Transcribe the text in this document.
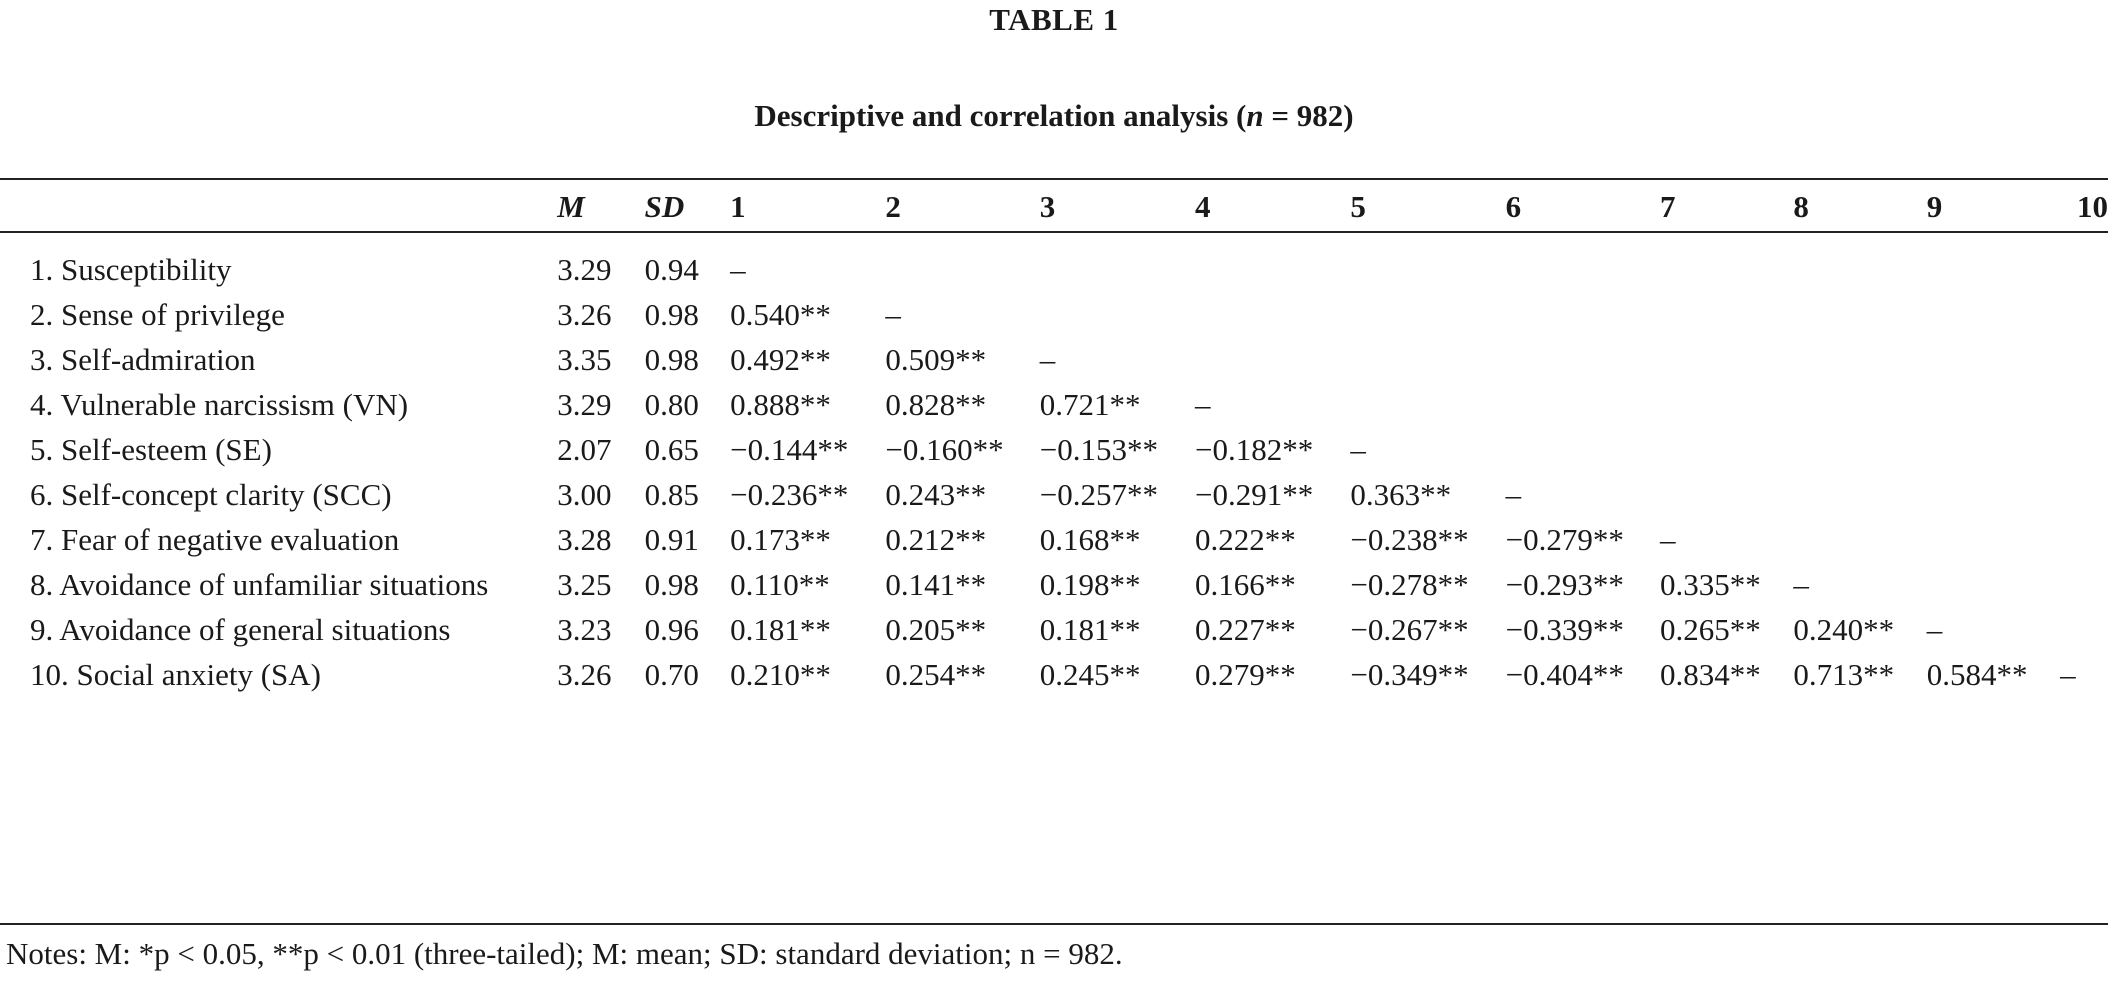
TABLE 1
Descriptive and correlation analysis (n = 982)
	M	SD	1	2	3	4	5	6	7	8	9	10
1. Susceptibility	3.29	0.94	–									
2. Sense of privilege	3.26	0.98	0.540**	–								
3. Self-admiration	3.35	0.98	0.492**	0.509**	–							
4. Vulnerable narcissism (VN)	3.29	0.80	0.888**	0.828**	0.721**	–						
5. Self-esteem (SE)	2.07	0.65	−0.144**	−0.160**	−0.153**	−0.182**	–					
6. Self-concept clarity (SCC)	3.00	0.85	−0.236**	0.243**	−0.257**	−0.291**	0.363**	–				
7. Fear of negative evaluation	3.28	0.91	0.173**	0.212**	0.168**	0.222**	−0.238**	−0.279**	–			
8. Avoidance of unfamiliar situations	3.25	0.98	0.110**	0.141**	0.198**	0.166**	−0.278**	−0.293**	0.335**	–		
9. Avoidance of general situations	3.23	0.96	0.181**	0.205**	0.181**	0.227**	−0.267**	−0.339**	0.265**	0.240**	–	
10. Social anxiety (SA)	3.26	0.70	0.210**	0.254**	0.245**	0.279**	−0.349**	−0.404**	0.834**	0.713**	0.584**	–
Notes: M: *p < 0.05, **p < 0.01 (three-tailed); M: mean; SD: standard deviation; n = 982.
